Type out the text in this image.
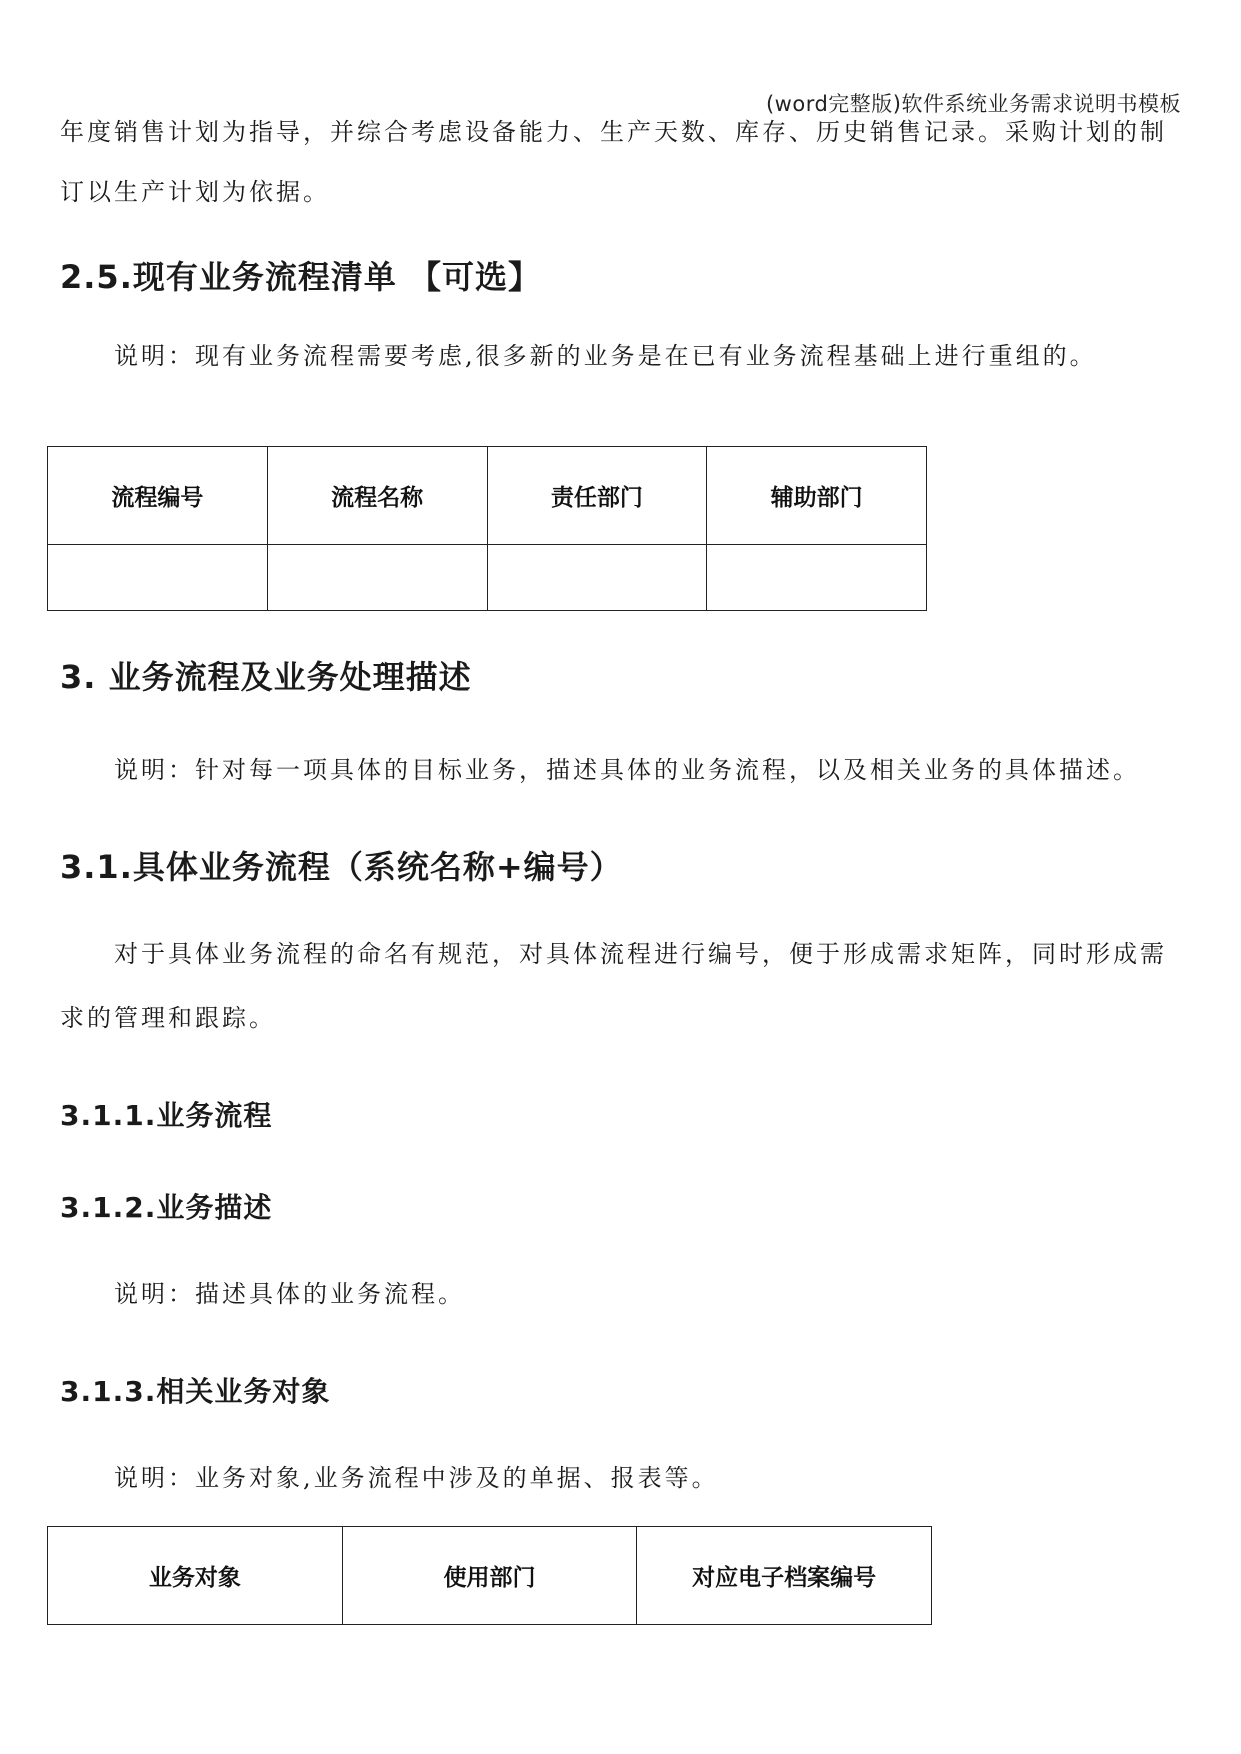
(word完整版)软件系统业务需求说明书模板

年度销售计划为指导，并综合考虑设备能力、生产天数、库存、历史销售记录。采购计划的制

订以生产计划为依据。

2.5.现有业务流程清单 【可选】

说明：现有业务流程需要考虑,很多新的业务是在已有业务流程基础上进行重组的。

流程编号	流程名称	责任部门	辅助部门

3. 业务流程及业务处理描述

说明：针对每一项具体的目标业务，描述具体的业务流程，以及相关业务的具体描述。

3.1.具体业务流程（系统名称+编号）

对于具体业务流程的命名有规范，对具体流程进行编号，便于形成需求矩阵，同时形成需

求的管理和跟踪。

3.1.1.业务流程
3.1.2.业务描述

说明：描述具体的业务流程。

3.1.3.相关业务对象

说明：业务对象,业务流程中涉及的单据、报表等。

业务对象	使用部门	对应电子档案编号
